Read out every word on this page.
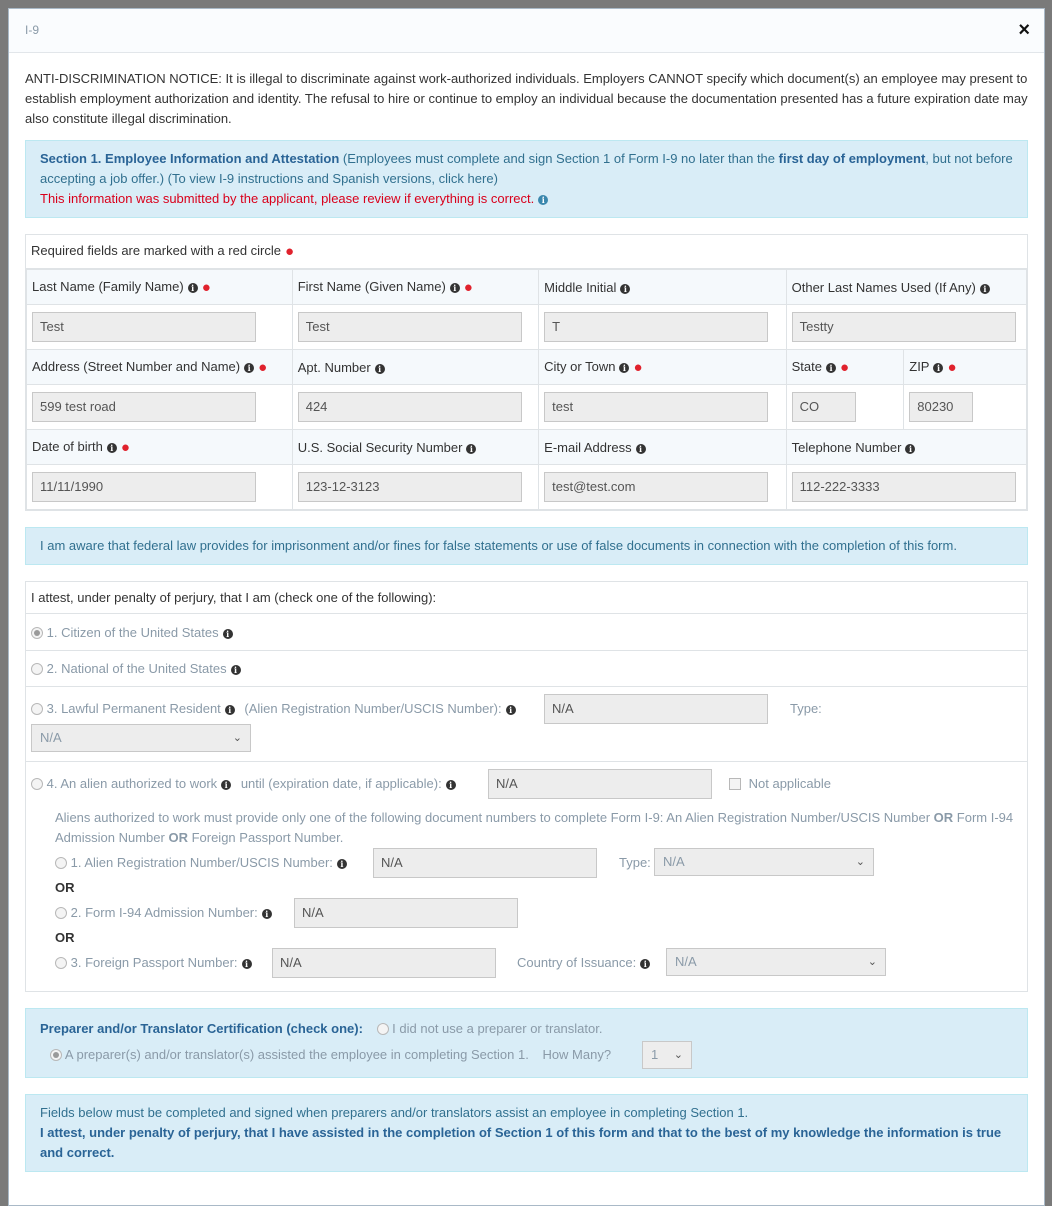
I-9	×
ANTI-DISCRIMINATION NOTICE: It is illegal to discriminate against work-authorized individuals. Employers CANNOT specify which document(s) an employee may present to establish employment authorization and identity. The refusal to hire or continue to employ an individual because the documentation presented has a future expiration date may also constitute illegal discrimination.
Section 1. Employee Information and Attestation (Employees must complete and sign Section 1 of Form I-9 no later than the first day of employment, but not before accepting a job offer.) (To view I-9 instructions and Spanish versions, click here)
This information was submitted by the applicant, please review if everything is correct. i
Required fields are marked with a red circle ●
Last Name (Family Name) i ●	First Name (Given Name) i ●	Middle Initial i	Other Last Names Used (If Any) i	

Test	Test	T	Testty	

Address (Street Number and Name) i ●	Apt. Number i	City or Town i ●	State i ●	ZIP i ●

599 test road	424	test	CO	80230

Date of birth i ●	U.S. Social Security Number i	E-mail Address i	Telephone Number i	

11/11/1990	123-12-3123	test@test.com	112-222-3333	
I am aware that federal law provides for imprisonment and/or fines for false statements or use of false documents in connection with the completion of this form.
I attest, under penalty of perjury, that I am (check one of the following):
1. Citizen of the United States i
2. National of the United States i
3. Lawful Permanent Resident i (Alien Registration Number/USCIS Number): i	N/A	Type:
N/A	⌄
4. An alien authorized to work i until (expiration date, if applicable): i	N/A	Not applicable
Aliens authorized to work must provide only one of the following document numbers to complete Form I-9: An Alien Registration Number/USCIS Number OR Form I-94 Admission Number OR Foreign Passport Number.
1. Alien Registration Number/USCIS Number: i	N/A	Type: N/A	⌄
OR
2. Form I-94 Admission Number: i	N/A
OR
3. Foreign Passport Number: i	N/A	Country of Issuance: i	N/A	⌄
Preparer and/or Translator Certification (check one): I did not use a preparer or translator.
A preparer(s) and/or translator(s) assisted the employee in completing Section 1. How Many?	1 ⌄
Fields below must be completed and signed when preparers and/or translators assist an employee in completing Section 1.
I attest, under penalty of perjury, that I have assisted in the completion of Section 1 of this form and that to the best of my knowledge the information is true and correct.
